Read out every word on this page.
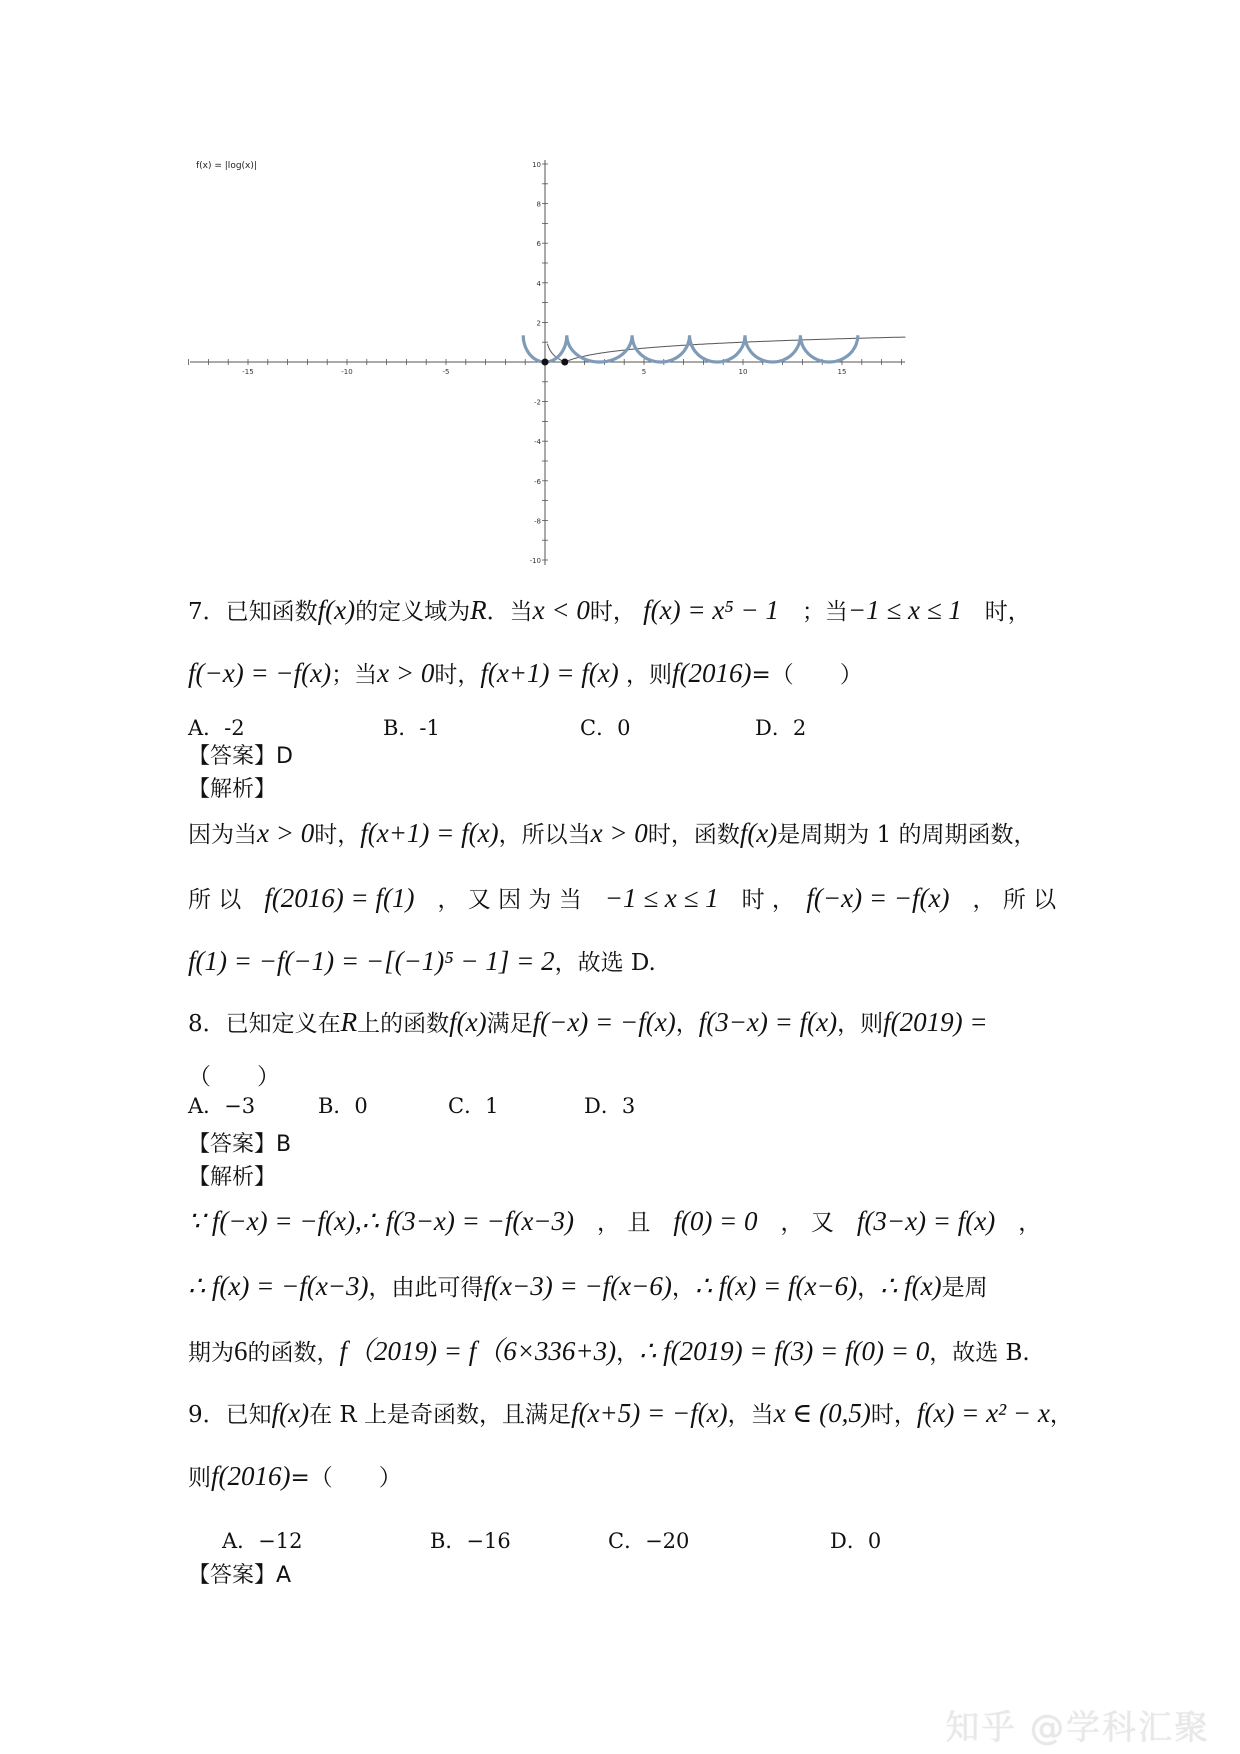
-15	-10	-5	5	10	15
10
8
6
4
2
-2
-4
-6
-8
-10
f(x) = |log(x)|
7．已知函数f(x)的定义域为R．当x < 0时， f(x) = x⁵ − 1　 ；当−1 ≤ x ≤ 1　 时，
f(−x) = −f(x)；当x > 0时，f(x+1) = f(x) ，则f(2016)=（　　）
A．-2	B．-1	C．0	D．2
【答案】D
【解析】
因为当x > 0时，f(x+1) = f(x)，所以当x > 0时，函数f(x)是周期为 1 的周期函数，
所 以　 f(2016) = f(1)　 ， 又 因 为 当　 −1 ≤ x ≤ 1　 时 ，　 f(−x) = −f(x)　 ， 所 以
f(1) = −f(−1) = −[(−1)⁵ − 1] = 2，故选 D.
8．已知定义在R上的函数f(x)满足f(−x) = −f(x)，f(3−x) = f(x)，则f(2019) =
（　　）
A．−3	B．0	C．1	D．3
【答案】B
【解析】
∵ f(−x) = −f(x),∴ f(3−x) = −f(x−3)　 ， 且　 f(0) = 0　 ， 又　 f(3−x) = f(x)　 ，
∴ f(x) = −f(x−3)，由此可得f(x−3) = −f(x−6)，∴ f(x) = f(x−6)，∴ f(x)是周
期为6的函数，f（2019) = f（6×336+3)，∴ f(2019) = f(3) = f(0) = 0，故选 B.
9．已知f(x)在 R 上是奇函数，且满足f(x+5) = −f(x)，当x ∈ (0,5)时，f(x) = x² − x，
则f(2016)=（　　）
A．−12	B．−16	C．−20	D．0
【答案】A
知乎 @学科汇聚
